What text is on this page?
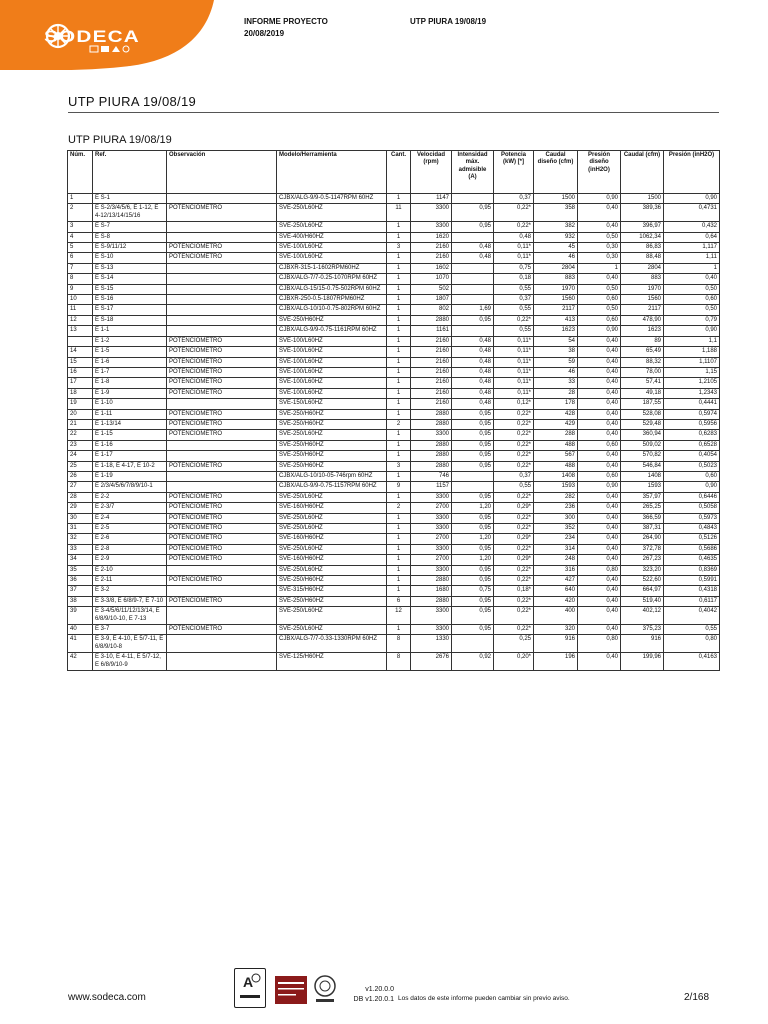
SODECA
INFORME PROYECTO
20/08/2019
UTP PIURA 19/08/19
UTP PIURA 19/08/19
UTP PIURA 19/08/19
Núm.	Ref.	Observación	Modelo/Herramienta	Cant.	Velocidad (rpm)	Intensidad máx. admisible (A)	Potencia (kW) [*]	Caudal diseño (cfm)	Presión diseño (inH2O)	Caudal (cfm)	Presión (inH2O)
1	E S-1		CJBX/ALG-9/9-0.5-1147RPM 60HZ	1	1147		0,37	1500	0,90	1500	0,90
2	E S-2/3/4/5/6, E 1-12, E 4-12/13/14/15/16	POTENCIOMETRO	SVE-250/L60HZ	11	3300	0,95	0,22*	358	0,40	389,36	0,4731
3	E S-7		SVE-250/L60HZ	1	3300	0,95	0,22*	382	0,40	396,97	0,432
4	E S-8		SVE-400/H60HZ	1	1620		0,48	932	0,50	1062,34	0,64
5	E S-9/11/12	POTENCIOMETRO	SVE-100/L60HZ	3	2160	0,48	0,11*	45	0,30	86,83	1,117
6	E S-10	POTENCIOMETRO	SVE-100/L60HZ	1	2160	0,48	0,11*	46	0,30	88,48	1,11
7	E S-13		CJBXR-315-1-1602RPM60HZ	1	1602		0,75	2804	1	2804	1
8	E S-14		CJBX/ALG-7/7-0.25-1070RPM 60HZ	1	1070		0,18	883	0,40	883	0,40
9	E S-15		CJBX/ALG-15/15-0.75-502RPM 60HZ	1	502		0,55	1970	0,50	1970	0,50
10	E S-16		CJBXR-250-0.5-1807RPM60HZ	1	1807		0,37	1560	0,60	1560	0,60
11	E S-17		CJBX/ALG-10/10-0.75-802RPM 60HZ	1	802	1,69	0,55	2117	0,50	2117	0,50
12	E S-18		SVE-250/H60HZ	1	2880	0,95	0,22*	413	0,60	478,90	0,79
13	E 1-1		CJBX/ALG-9/9-0.75-1161RPM 60HZ	1	1161		0,55	1623	0,90	1623	0,90
	E 1-2	POTENCIOMETRO	SVE-100/L60HZ	1	2160	0,48	0,11*	54	0,40	89	1,1
14	E 1-5	POTENCIOMETRO	SVE-100/L60HZ	1	2160	0,48	0,11*	38	0,40	65,49	1,188
15	E 1-6	POTENCIOMETRO	SVE-100/L60HZ	1	2160	0,48	0,11*	59	0,40	88,32	1,1107
16	E 1-7	POTENCIOMETRO	SVE-100/L60HZ	1	2160	0,48	0,11*	46	0,40	78,00	1,15
17	E 1-8	POTENCIOMETRO	SVE-100/L60HZ	1	2160	0,48	0,11*	33	0,40	57,41	1,2105
18	E 1-9	POTENCIOMETRO	SVE-100/L60HZ	1	2160	0,48	0,11*	28	0,40	49,18	1,2343
19	E 1-10		SVE-150/L60HZ	1	2160	0,48	0,12*	178	0,40	187,55	0,4441
20	E 1-11	POTENCIOMETRO	SVE-250/H60HZ	1	2880	0,95	0,22*	428	0,40	528,08	0,5974
21	E 1-13/14	POTENCIOMETRO	SVE-250/H60HZ	2	2880	0,95	0,22*	429	0,40	529,48	0,5956
22	E 1-15	POTENCIOMETRO	SVE-250/L60HZ	1	3300	0,95	0,22*	288	0,40	360,94	0,6283
23	E 1-16		SVE-250/H60HZ	1	2880	0,95	0,22*	488	0,60	509,02	0,6528
24	E 1-17		SVE-250/H60HZ	1	2880	0,95	0,22*	567	0,40	570,82	0,4054
25	E 1-18, E 4-17, E 10-2	POTENCIOMETRO	SVE-250/H60HZ	3	2880	0,95	0,22*	488	0,40	546,84	0,5023
26	E 1-19		CJBX/ALG-10/10-05-746rpm 60HZ	1	746		0,37	1408	0,60	1408	0,60
27	E 2/3/4/5/6/7/8/9/10-1		CJBX/ALG-9/9-0.75-1157RPM 60HZ	9	1157		0,55	1593	0,90	1593	0,90
28	E 2-2	POTENCIOMETRO	SVE-250/L60HZ	1	3300	0,95	0,22*	282	0,40	357,97	0,6446
29	E 2-3/7	POTENCIOMETRO	SVE-160/H60HZ	2	2700	1,20	0,29*	236	0,40	265,25	0,5058
30	E 2-4	POTENCIOMETRO	SVE-250/L60HZ	1	3300	0,95	0,22*	300	0,40	366,59	0,5973
31	E 2-5	POTENCIOMETRO	SVE-250/L60HZ	1	3300	0,95	0,22*	352	0,40	387,31	0,4843
32	E 2-6	POTENCIOMETRO	SVE-160/H60HZ	1	2700	1,20	0,29*	234	0,40	264,90	0,5126
33	E 2-8	POTENCIOMETRO	SVE-250/L60HZ	1	3300	0,95	0,22*	314	0,40	372,78	0,5686
34	E 2-9	POTENCIOMETRO	SVE-160/H60HZ	1	2700	1,20	0,29*	248	0,40	267,23	0,4635
35	E 2-10		SVE-250/L60HZ	1	3300	0,95	0,22*	316	0,80	323,20	0,8369
36	E 2-11	POTENCIOMETRO	SVE-250/H60HZ	1	2880	0,95	0,22*	427	0,40	522,60	0,5991
37	E 3-2		SVE-315/H60HZ	1	1680	0,75	0,18*	640	0,40	664,97	0,4318
38	E 3-3/8, E 6/8/9-7, E 7-10	POTENCIOMETRO	SVE-250/H60HZ	6	2880	0,95	0,22*	420	0,40	519,40	0,6117
39	E 3-4/5/6/11/12/13/14, E 6/8/9/10-10, E 7-13		SVE-250/L60HZ	12	3300	0,95	0,22*	400	0,40	402,12	0,4042
40	E 3-7	POTENCIOMETRO	SVE-250/L60HZ	1	3300	0,95	0,22*	320	0,40	375,23	0,55
41	E 3-9, E 4-10, E 5/7-11, E 6/8/9/10-8		CJBX/ALG-7/7-0.33-1330RPM 60HZ	8	1330		0,25	916	0,80	916	0,80
42	E 3-10, E 4-11, E 5/7-12, E 6/8/9/10-9		SVE-125/H60HZ	8	2676	0,92	0,20*	196	0,40	199,96	0,4163
www.sodeca.com
A	v1.20.0.0
DB v1.20.0.1 Los datos de este informe pueden cambiar sin previo aviso.	2/168
